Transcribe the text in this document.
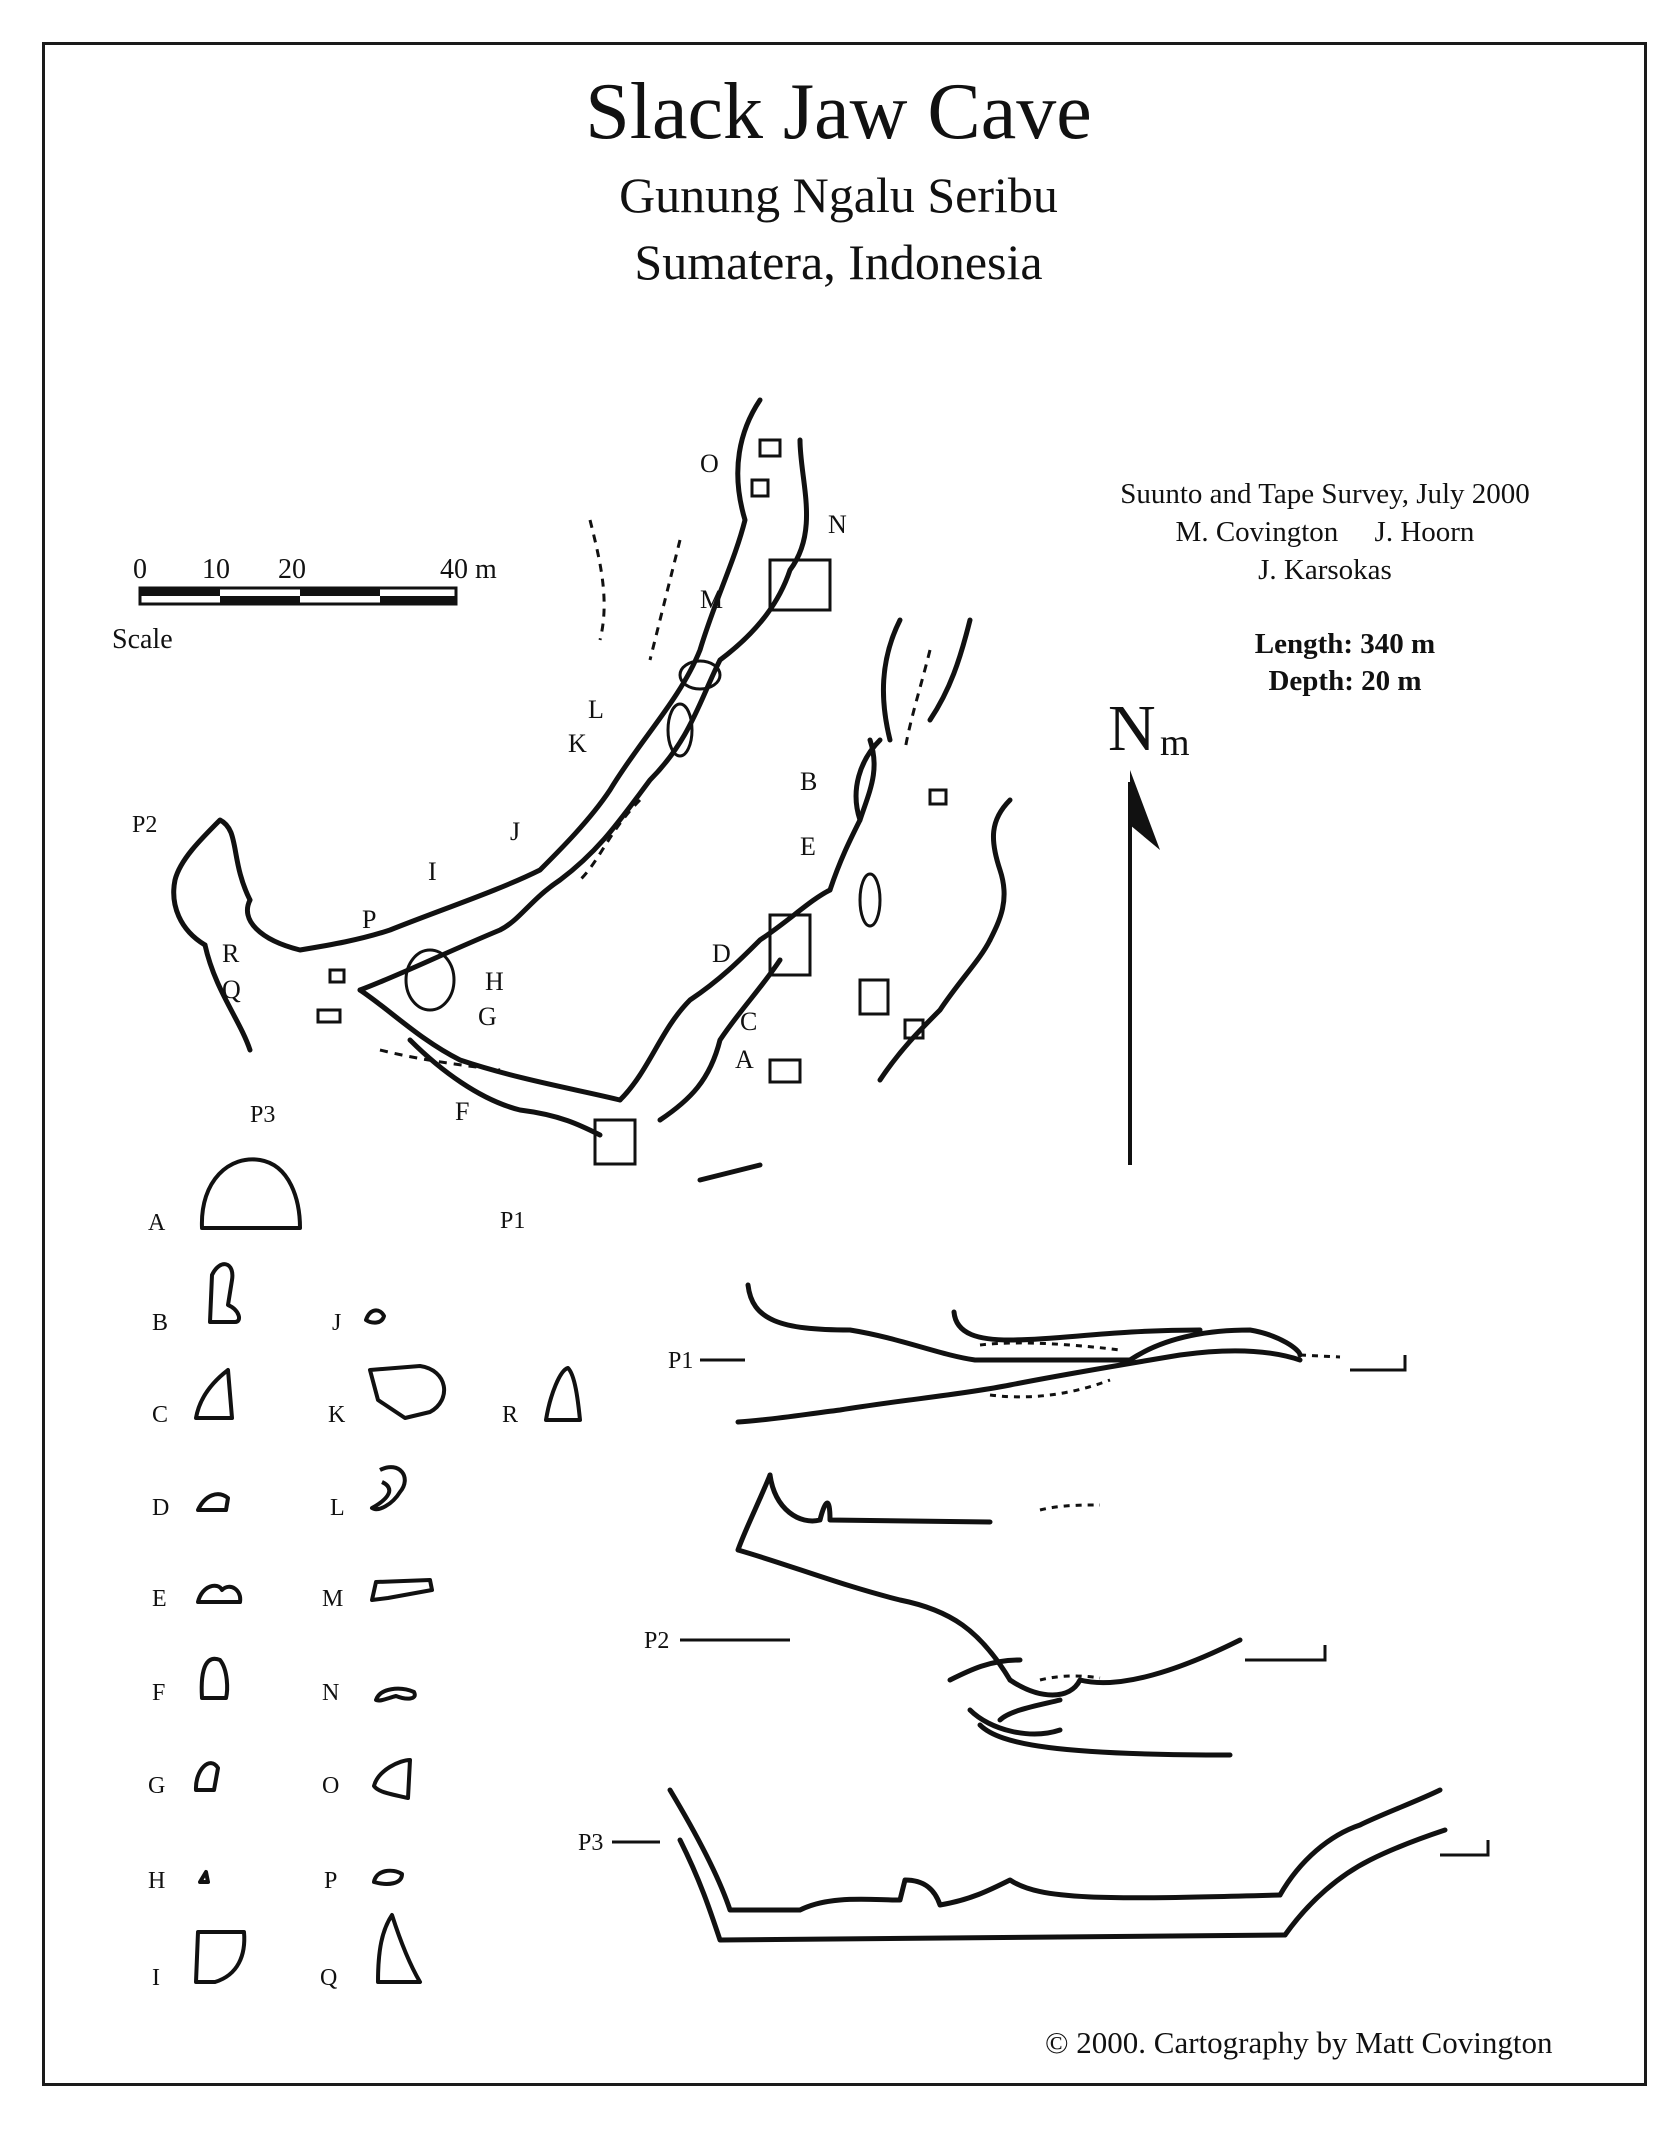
Slack Jaw Cave
Gunung Ngalu Seribu
Sumatera, Indonesia
Suunto and Tape Survey, July 2000
M. Covington     J. Hoorn
J. Karsokas
Length: 340 m
Depth: 20 m
© 2000. Cartography by Matt Covington
0 10 20	40 m
Scale
N m
A
B
C
D
E
F
G
H
I
J
K
L
M
N
O
P
Q
R
P1
P2
P3
A
B
C
D
E
F
G
H
I
J
K
L
M
N
O
P
Q
R
P1
P2
P3
